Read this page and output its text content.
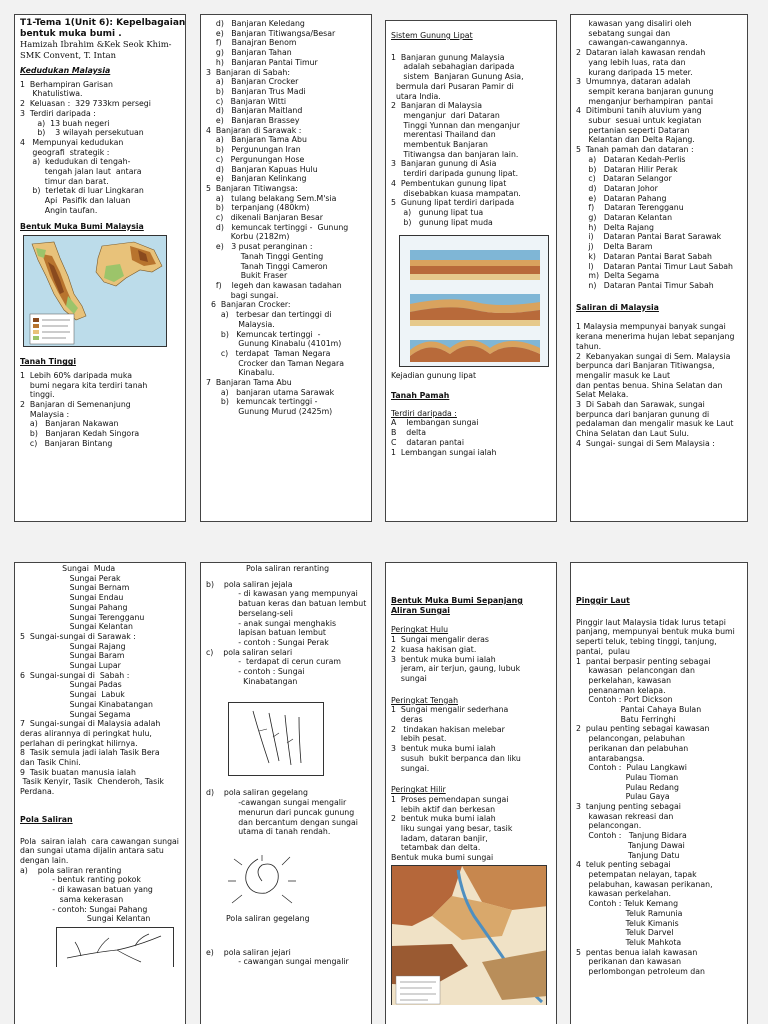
T1-Tema 1(Unit 6): Kepelbagaian
bentuk muka bumi .
Hamizah Ibrahim &Kek Seok Khim-
SMK Convent, T. Intan
Kedudukan Malaysia
1  Berhampiran Garisan
Khatulistiwa.
2  Keluasan :  329 733km persegi
3  Terdiri daripada :
a)  13 buah negeri
b)    3 wilayah persekutuan
4   Mempunyai kedudukan
geografi  strategik :
a)  kedudukan di tengah-
tengah jalan laut  antara
timur dan barat.
b)  terletak di luar Lingkaran
Api  Pasifik dan laluan
Angin taufan.
Bentuk Muka Bumi Malaysia
Tanah Tinggi
1  Lebih 60% daripada muka
bumi negara kita terdiri tanah
tinggi.
2  Banjaran di Semenanjung
Malaysia :
a)   Banjaran Nakawan
b)   Banjaran Kedah Singora
c)   Banjaran Bintang
d)   Banjaran Keledang
e)   Banjaran Titiwangsa/Besar
f)    Banajran Benom
g)   Banjaran Tahan
h)   Banjaran Pantai Timur
3  Banjaran di Sabah:
a)   Banjaran Crocker
b)   Banjaran Trus Madi
c)   Banjaran Witti
d)   Banjaran Maitland
e)   Banjaran Brassey
4  Banjaran di Sarawak :
a)   Banjaran Tama Abu
b)   Pergunungan Iran
c)   Pergunungan Hose
d)   Banjaran Kapuas Hulu
e)   Banjaran Kelinkang
5  Banjaran Titiwangsa:
a)   tulang belakang Sem.M'sia
b)   terpanjang (480km)
c)   dikenali Banjaran Besar
d)   kemuncak tertinggi -  Gunung
Korbu (2182m)
e)   3 pusat peranginan :
Tanah Tinggi Genting
Tanah Tinggi Cameron
Bukit Fraser
f)    legeh dan kawasan tadahan
bagi sungai.
6  Banjaran Crocker:
a)   terbesar dan tertinggi di
Malaysia.
b)   Kemuncak tertinggi  -
Gunung Kinabalu (4101m)
c)   terdapat  Taman Negara
Crocker dan Taman Negara
Kinabalu.
7  Banjaran Tama Abu
a)   banjaran utama Sarawak
b)   kemuncak tertinggi -
Gunung Murud (2425m)
Sistem Gunung Lipat
1  Banjaran gunung Malaysia
adalah sebahagian daripada
sistem  Banjaran Gunung Asia,
bermula dari Pusaran Pamir di
utara India.
2  Banjaran di Malaysia
menganjur  dari Dataran
Tinggi Yunnan dan menganjur
merentasi Thailand dan
membentuk Banjaran
Titiwangsa dan banjaran lain.
3  Banjaran gunung di Asia
terdiri daripada gunung lipat.
4  Pembentukan gunung lipat
disebabkan kuasa mampatan.
5  Gunung lipat terdiri daripada
a)   gunung lipat tua
b)   gunung lipat muda
Kejadian gunung lipat
Tanah Pamah
Terdiri daripada :
A    lembangan sungai
B    delta
C    dataran pantai
1  Lembangan sungai ialah
kawasan yang disaliri oleh
sebatang sungai dan
cawangan-cawangannya.
2  Dataran ialah kawasan rendah
yang lebih luas, rata dan
kurang daripada 15 meter.
3  Umumnya, dataran adalah
sempit kerana banjaran gunung
menganjur berhampiran  pantai
4  Ditimbuni tanih aluvium yang
subur  sesuai untuk kegiatan
pertanian seperti Dataran
Kelantan dan Delta Rajang.
5  Tanah pamah dan dataran :
a)   Dataran Kedah-Perlis
b)   Dataran Hilir Perak
c)   Dataran Selangor
d)   Dataran Johor
e)   Dataran Pahang
f)    Dataran Terengganu
g)   Dataran Kelantan
h)   Delta Rajang
i)    Dataran Pantai Barat Sarawak
j)    Delta Baram
k)   Dataran Pantai Barat Sabah
l)    Dataran Pantai Timur Laut Sabah
m)  Delta Segama
n)   Dataran Pantai Timur Sabah
Saliran di Malaysia
1 Malaysia mempunyai banyak sungai
kerana menerima hujan lebat sepanjang
tahun.
2  Kebanyakan sungai di Sem. Malaysia
berpunca dari Banjaran Titiwangsa,
mengalir masuk ke Laut
dan pentas benua. Shina Selatan dan
Selat Melaka.
3  Di Sabah dan Sarawak, sungai
berpunca dari banjaran gunung di
pedalaman dan mengalir masuk ke Laut
China Selatan dan Laut Sulu.
4  Sungai- sungai di Sem Malaysia :
Sungai  Muda
Sungai Perak
Sungai Bernam
Sungai Endau
Sungai Pahang
Sungai Terengganu
Sungai Kelantan
5  Sungai-sungai di Sarawak :
Sungai Rajang
Sungai Baram
Sungai Lupar
6  Sungai-sungai di  Sabah :
Sungai Padas
Sungai  Labuk
Sungai Kinabatangan
Sungai Segama
7  Sungai-sungai di Malaysia adalah
deras alirannya di peringkat hulu,
perlahan di peringkat hilirnya.
8  Tasik semula jadi ialah Tasik Bera
dan Tasik Chini.
9  Tasik buatan manusia ialah
Tasik Kenyir, Tasik  Chenderoh, Tasik
Perdana.
Pola Saliran
Pola  sairan ialah  cara cawangan sungai
dan sungai utama dijalin antara satu
dengan lain.
a)    pola saliran reranting
- bentuk ranting pokok
- di kawasan batuan yang
sama kekerasan
- contoh: Sungai Pahang
Sungai Kelantan
Pola saliran reranting
b)    pola saliran jejala
- di kawasan yang mempunyai
batuan keras dan batuan lembut
berselang-seli
- anak sungai menghakis
lapisan batuan lembut
- contoh : Sungai Perak
c)    pola saliran selari
-  terdapat di cerun curam
- contoh : Sungai
Kinabatangan
d)    pola saliran gegelang
-cawangan sungai mengalir
menurun dari puncak gunung
dan bercantum dengan sungai
utama di tanah rendah.
Pola saliran gegelang
e)    pola saliran jejari
- cawangan sungai mengalir
Bentuk Muka Bumi Sepanjang
Aliran Sungai
Peringkat Hulu
1  Sungai mengalir deras
2  kuasa hakisan giat.
3  bentuk muka bumi ialah
jeram, air terjun, gaung, lubuk
sungai
Peringkat Tengah
1  Sungai mengalir sederhana
deras
2   tindakan hakisan melebar
lebih pesat.
3  bentuk muka bumi ialah
susuh  bukit berpanca dan liku
sungai.
Peringkat Hilir
1  Proses pemendapan sungai
lebih aktif dan berkesan
2  bentuk muka bumi ialah
liku sungai yang besar, tasik
ladam, dataran banjir,
tetambak dan delta.
Bentuk muka bumi sungai
Pinggir Laut
Pinggir laut Malaysia tidak lurus tetapi
panjang, mempunyai bentuk muka bumi
seperti teluk, tebing tinggi, tanjung,
pantai,  pulau
1  pantai berpasir penting sebagai
kawasan  pelancongan dan
perkelahan, kawasan
penanaman kelapa.
Contoh : Port Dickson
Pantai Cahaya Bulan
Batu Ferringhi
2  pulau penting sebagai kawasan
pelancongan, pelabuhan
perikanan dan pelabuhan
antarabangsa.
Contoh :  Pulau Langkawi
Pulau Tioman
Pulau Redang
Pulau Gaya
3  tanjung penting sebagai
kawasan rekreasi dan
pelancongan.
Contoh :   Tanjung Bidara
Tanjung Dawai
Tanjung Datu
4  teluk penting sebagai
petempatan nelayan, tapak
pelabuhan, kawasan perikanan,
kawasan perkelahan.
Contoh : Teluk Kemang
Teluk Ramunia
Teluk Kimanis
Teluk Darvel
Teluk Mahkota
5  pentas benua ialah kawasan
perikanan dan kawasan
perlombongan petroleum dan
